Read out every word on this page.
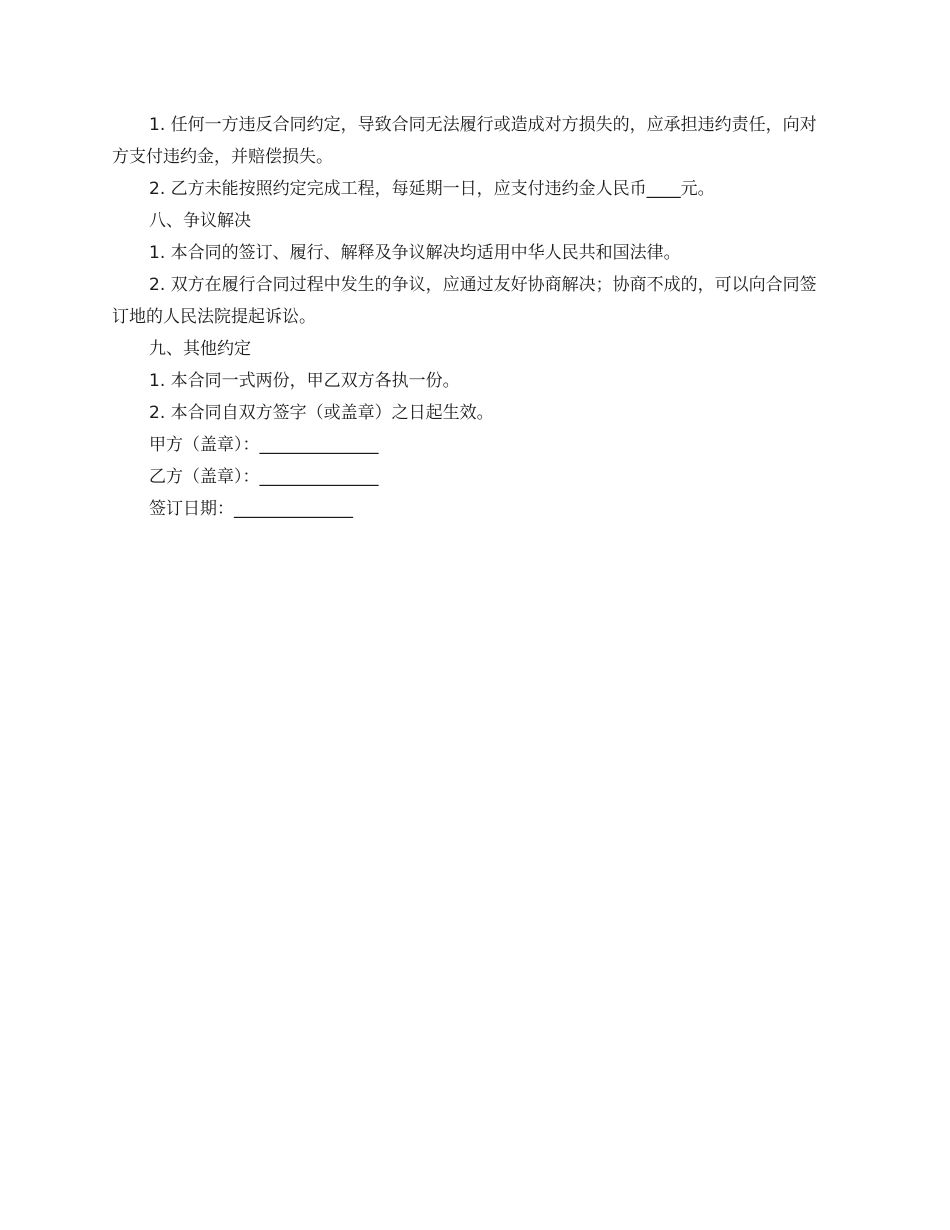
1. 任何一方违反合同约定，导致合同无法履行或造成对方损失的，应承担违约责任，向对方支付违约金，并赔偿损失。

2. 乙方未能按照约定完成工程，每延期一日，应支付违约金人民币____元。

八、争议解决

1. 本合同的签订、履行、解释及争议解决均适用中华人民共和国法律。

2. 双方在履行合同过程中发生的争议，应通过友好协商解决；协商不成的，可以向合同签订地的人民法院提起诉讼。

九、其他约定

1. 本合同一式两份，甲乙双方各执一份。

2. 本合同自双方签字（或盖章）之日起生效。

甲方（盖章）：______________

乙方（盖章）：______________

签订日期：______________
